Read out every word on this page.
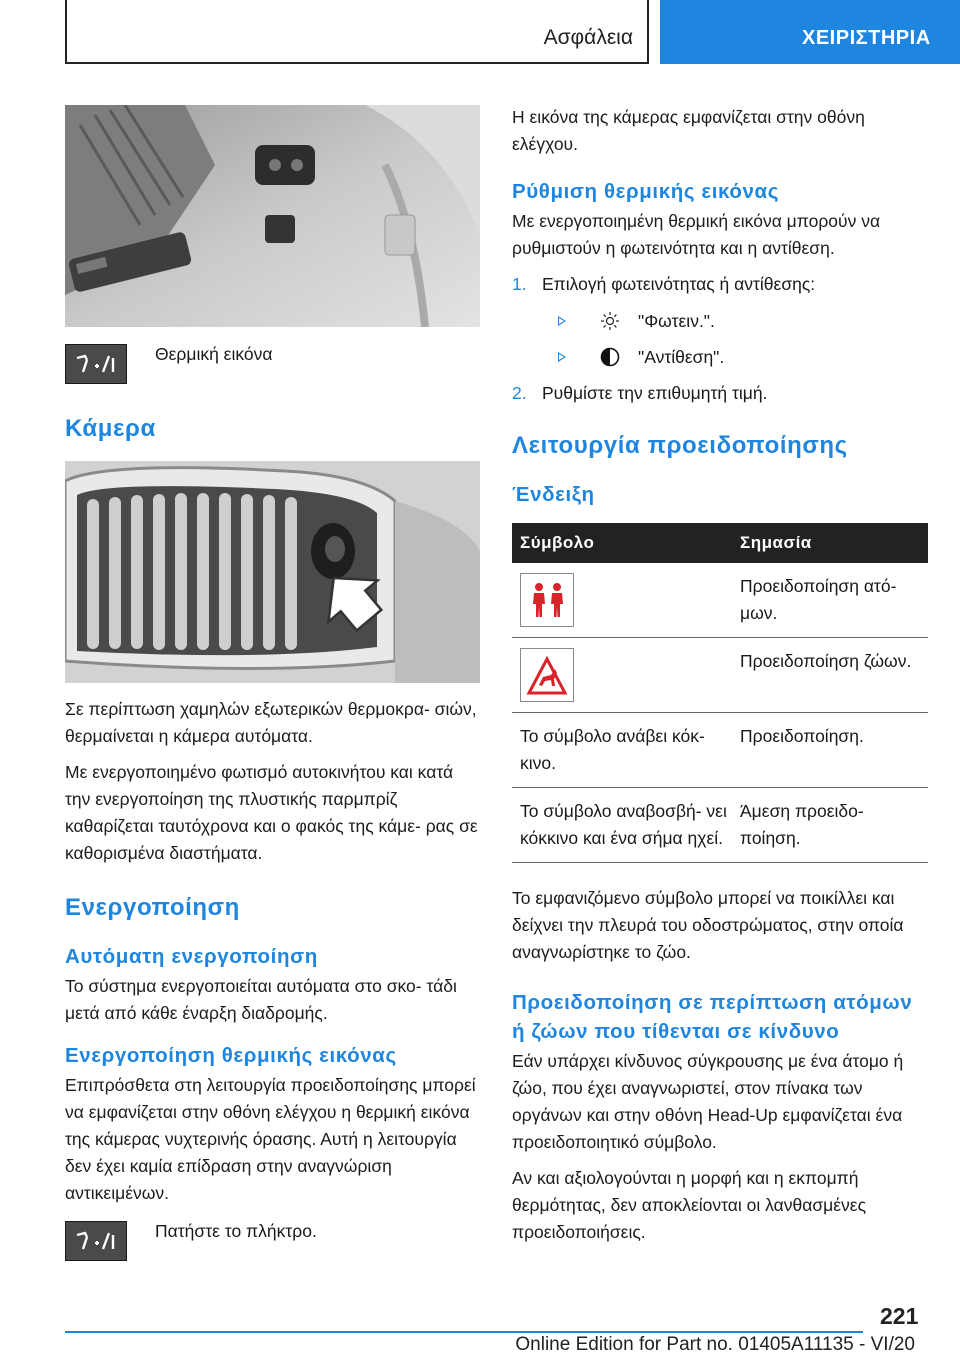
Ασφάλεια	ΧΕΙΡΙΣΤΗΡΙΑ
Θερμική εικόνα
Κάμερα

Σε περίπτωση χαμηλών εξωτερικών θερμοκρα- σιών, θερμαίνεται η κάμερα αυτόματα.

Με ενεργοποιημένο φωτισμό αυτοκινήτου και κατά την ενεργοποίηση της πλυστικής παρμπρίζ καθαρίζεται ταυτόχρονα και ο φακός της κάμε- ρας σε καθορισμένα διαστήματα.

Ενεργοποίηση
Αυτόματη ενεργοποίηση

Το σύστημα ενεργοποιείται αυτόματα στο σκο- τάδι μετά από κάθε έναρξη διαδρομής.

Ενεργοποίηση θερμικής εικόνας

Επιπρόσθετα στη λειτουργία προειδοποίησης μπορεί να εμφανίζεται στην οθόνη ελέγχου η θερμική εικόνα της κάμερας νυχτερινής όρασης. Αυτή η λειτουργία δεν έχει καμία επίδραση στην αναγνώριση αντικειμένων.

Πατήστε το πλήκτρο.

Η εικόνα της κάμερας εμφανίζεται στην οθόνη ελέγχου.

Ρύθμιση θερμικής εικόνας

Με ενεργοποιημένη θερμική εικόνα μπορούν να ρυθμιστούν η φωτεινότητα και η αντίθεση.

1. Επιλογή φωτεινότητας ή αντίθεσης:
"Φωτειν.".
"Αντίθεση".
2. Ρυθμίστε την επιθυμητή τιμή.
Λειτουργία προειδοποίησης
Ένδειξη
Σύμβολο	Σημασία

	Προειδοποίηση ατό- μων.

	Προειδοποίηση ζώων.
Το σύμβολο ανάβει κόκ- κινο.	Προειδοποίηση.
Το σύμβολο αναβοσβή- νει κόκκινο και ένα σήμα ηχεί.	Άμεση προειδο- ποίηση.

Το εμφανιζόμενο σύμβολο μπορεί να ποικίλλει και δείχνει την πλευρά του οδοστρώματος, στην οποία αναγνωρίστηκε το ζώο.

Προειδοποίηση σε περίπτωση ατόμων ή ζώων που τίθενται σε κίνδυνο

Εάν υπάρχει κίνδυνος σύγκρουσης με ένα άτομο ή ζώο, που έχει αναγνωριστεί, στον πίνακα των οργάνων και στην οθόνη Head-Up εμφανίζεται ένα προειδοποιητικό σύμβολο.

Αν και αξιολογούνται η μορφή και η εκπομπή θερμότητας, δεν αποκλείονται οι λανθασμένες προειδοποιήσεις.

221
Online Edition for Part no. 01405A11135 - VI/20
